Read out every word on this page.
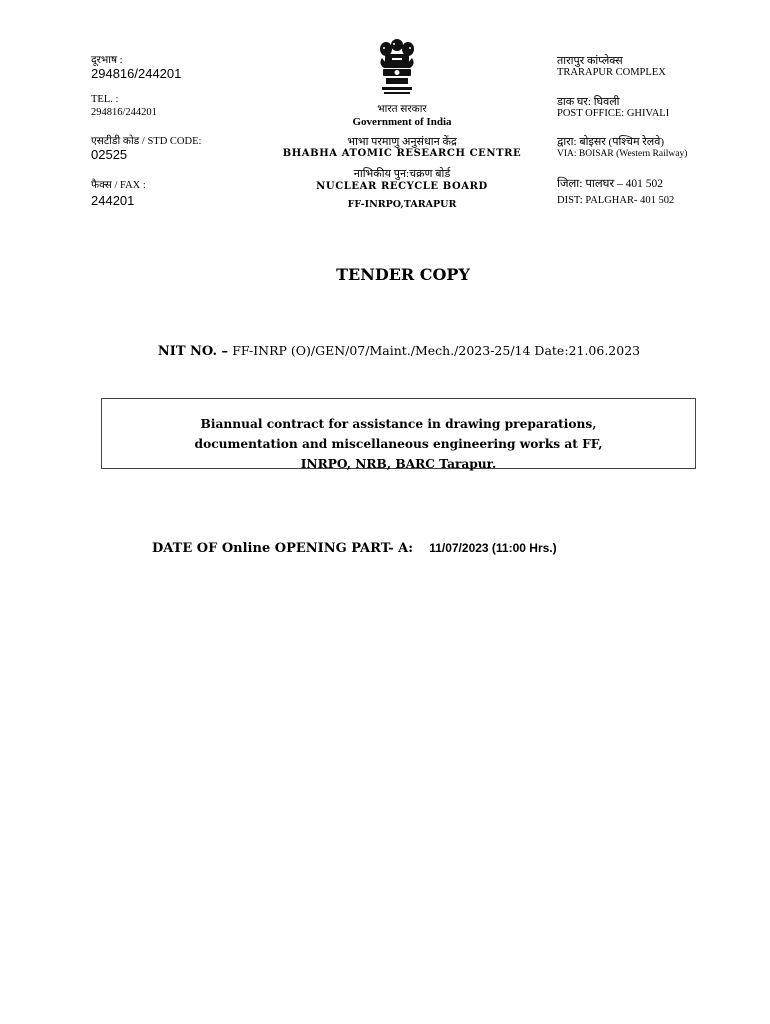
दूरभाष :
294816/244201
TEL. :
294816/244201
एसटीडी कोड / STD CODE:
02525
फैक्स / FAX :
244201
भारत सरकार
Government of India
भाभा परमाणु अनुसंधान केंद्र
BHABHA ATOMIC RESEARCH CENTRE
नाभिकीय पुन:चक्रण बोर्ड
NUCLEAR RECYCLE BOARD
FF-INRPO,TARAPUR
तारापुर कांप्लेक्स
TRARAPUR COMPLEX
डाक घर: घिवली
POST OFFICE: GHIVALI
द्वारा: बोइसर (पश्चिम रेलवे)
VIA: BOISAR (Western Railway)
जिला: पालघर – 401 502
DIST: PALGHAR- 401 502
TENDER COPY
NIT NO. – FF-INRP (O)/GEN/07/Maint./Mech./2023-25/14 Date:21.06.2023
Biannual contract for assistance in drawing preparations,
documentation and miscellaneous engineering works at FF,
INRPO, NRB, BARC Tarapur.
DATE OF Online OPENING PART- A: 11/07/2023 (11:00 Hrs.)
